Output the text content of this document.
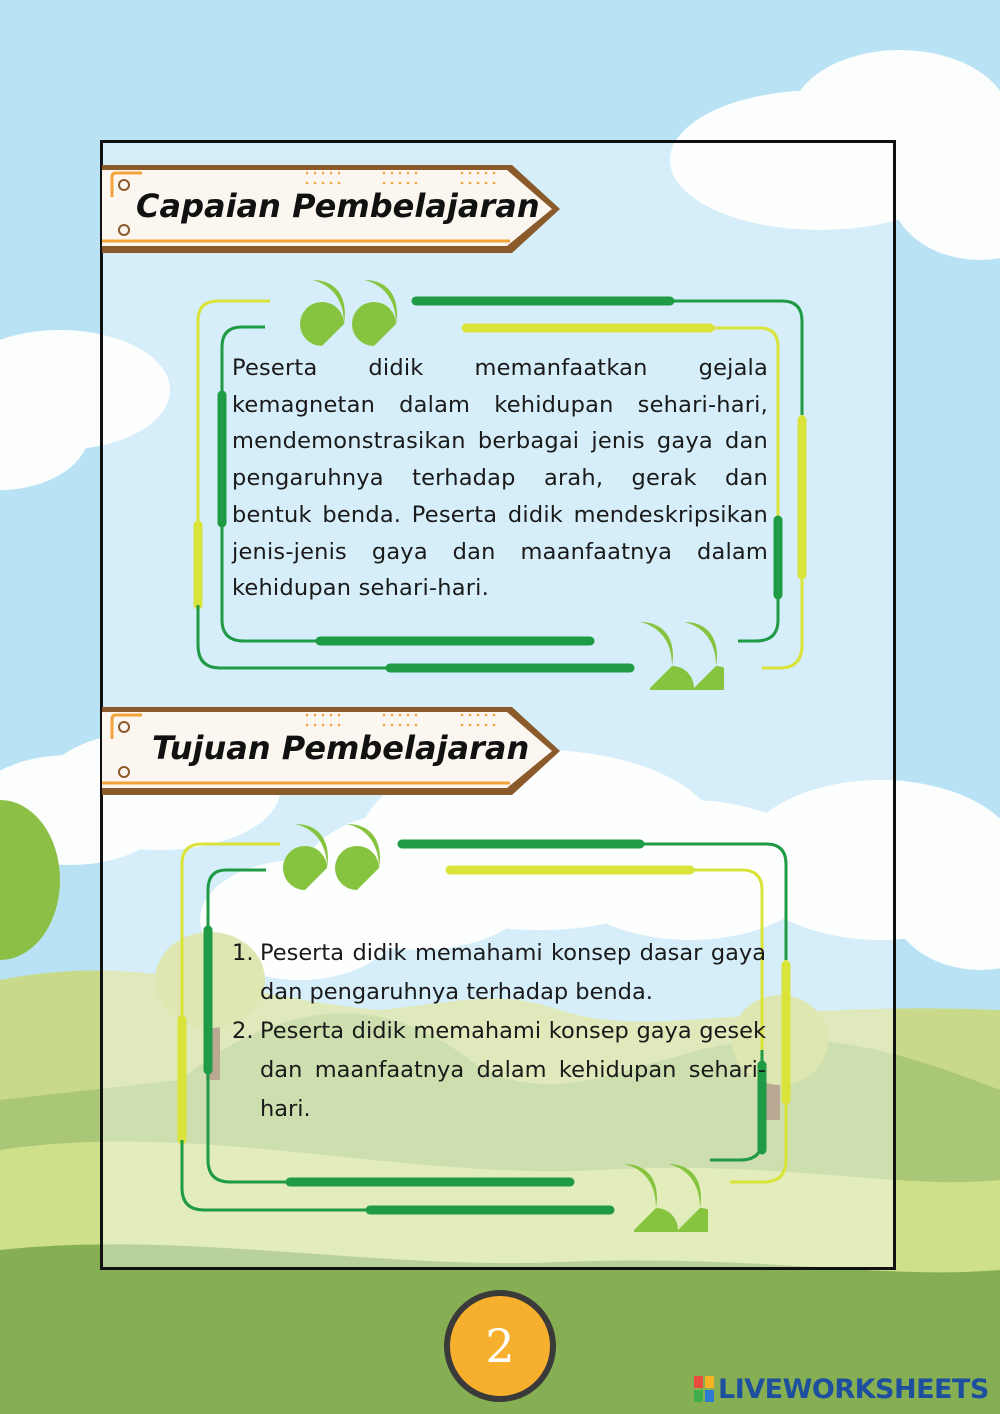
Capaian Pembelajaran
Peserta didik memanfaatkan gejala kemagnetan dalam kehidupan sehari-hari, mendemonstrasikan berbagai jenis gaya dan pengaruhnya terhadap arah, gerak dan bentuk benda. Peserta didik mendeskripsikan jenis-jenis gaya dan maanfaatnya dalam kehidupan sehari-hari.
Tujuan Pembelajaran
1. Peserta didik memahami konsep dasar gaya dan pengaruhnya terhadap benda.
2. Peserta didik memahami konsep gaya gesek dan maanfaatnya dalam kehidupan sehari-hari.
2
LIVEWORKSHEETS
